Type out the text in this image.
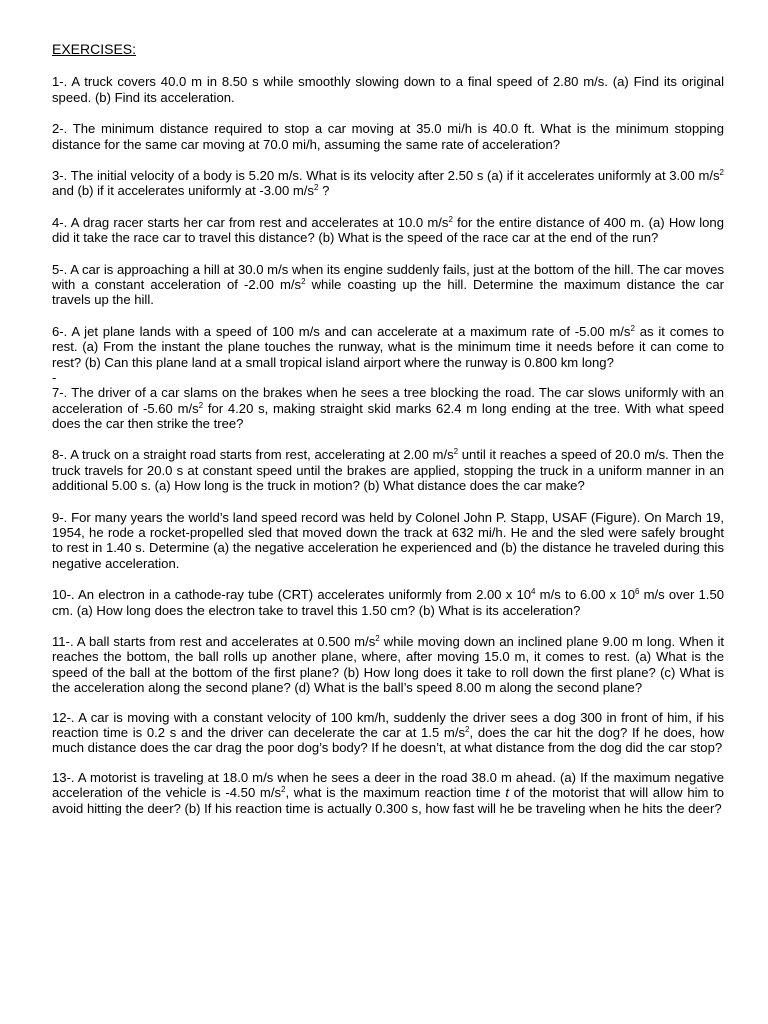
EXERCISES:

1-. A truck covers 40.0 m in 8.50 s while smoothly slowing down to a final speed of 2.80 m/s. (a) Find its original speed. (b) Find its acceleration.

2-. The minimum distance required to stop a car moving at 35.0 mi/h is 40.0 ft. What is the minimum stopping distance for the same car moving at 70.0 mi/h, assuming the same rate of acceleration?

3-. The initial velocity of a body is 5.20 m/s. What is its velocity after 2.50 s (a) if it accelerates uniformly at 3.00 $m/s^2$ and (b) if it accelerates uniformly at -3.00 $m/s^2$ ?

4-. A drag racer starts her car from rest and accelerates at 10.0 $m/s^2$ for the entire distance of 400 m. (a) How long did it take the race car to travel this distance? (b) What is the speed of the race car at the end of the run?

5-. A car is approaching a hill at 30.0 m/s when its engine suddenly fails, just at the bottom of the hill. The car moves with a constant acceleration of -2.00 $m/s^2$ while coasting up the hill. Determine the maximum distance the car travels up the hill.

6-. A jet plane lands with a speed of 100 m/s and can accelerate at a maximum rate of -5.00 $m/s^2$ as it comes to rest. (a) From the instant the plane touches the runway, what is the minimum time it needs before it can come to rest? (b) Can this plane land at a small tropical island airport where the runway is 0.800 km long?

-

7-. The driver of a car slams on the brakes when he sees a tree blocking the road. The car slows uniformly with an acceleration of -5.60 $m/s^2$ for 4.20 s, making straight skid marks 62.4 m long ending at the tree. With what speed does the car then strike the tree?

8-. A truck on a straight road starts from rest, accelerating at 2.00 $m/s^2$ until it reaches a speed of 20.0 m/s. Then the truck travels for 20.0 s at constant speed until the brakes are applied, stopping the truck in a uniform manner in an additional 5.00 s. (a) How long is the truck in motion? (b) What distance does the car make?

9-. For many years the world’s land speed record was held by Colonel John P. Stapp, USAF (Figure). On March 19, 1954, he rode a rocket-propelled sled that moved down the track at 632 mi/h. He and the sled were safely brought to rest in 1.40 s. Determine (a) the negative acceleration he experienced and (b) the distance he traveled during this negative acceleration.

10-. An electron in a cathode-ray tube (CRT) accelerates uniformly from 2.00 x $10^4$ m/s to 6.00 x $10^6$ m/s over 1.50 cm. (a) How long does the electron take to travel this 1.50 cm? (b) What is its acceleration?

11-. A ball starts from rest and accelerates at 0.500 $m/s^2$ while moving down an inclined plane 9.00 m long. When it reaches the bottom, the ball rolls up another plane, where, after moving 15.0 m, it comes to rest. (a) What is the speed of the ball at the bottom of the first plane? (b) How long does it take to roll down the first plane? (c) What is the acceleration along the second plane? (d) What is the ball’s speed 8.00 m along the second plane?

12-. A car is moving with a constant velocity of 100 km/h, suddenly the driver sees a dog 300 in front of him, if his reaction time is 0.2 s and the driver can decelerate the car at 1.5 $m/s^2$, does the car hit the dog? If he does, how much distance does the car drag the poor dog’s body? If he doesn’t, at what distance from the dog did the car stop?

13-. A motorist is traveling at 18.0 m/s when he sees a deer in the road 38.0 m ahead. (a) If the maximum negative acceleration of the vehicle is -4.50 $m/s^2$, what is the maximum reaction time t of the motorist that will allow him to avoid hitting the deer? (b) If his reaction time is actually 0.300 s, how fast will he be traveling when he hits the deer?
